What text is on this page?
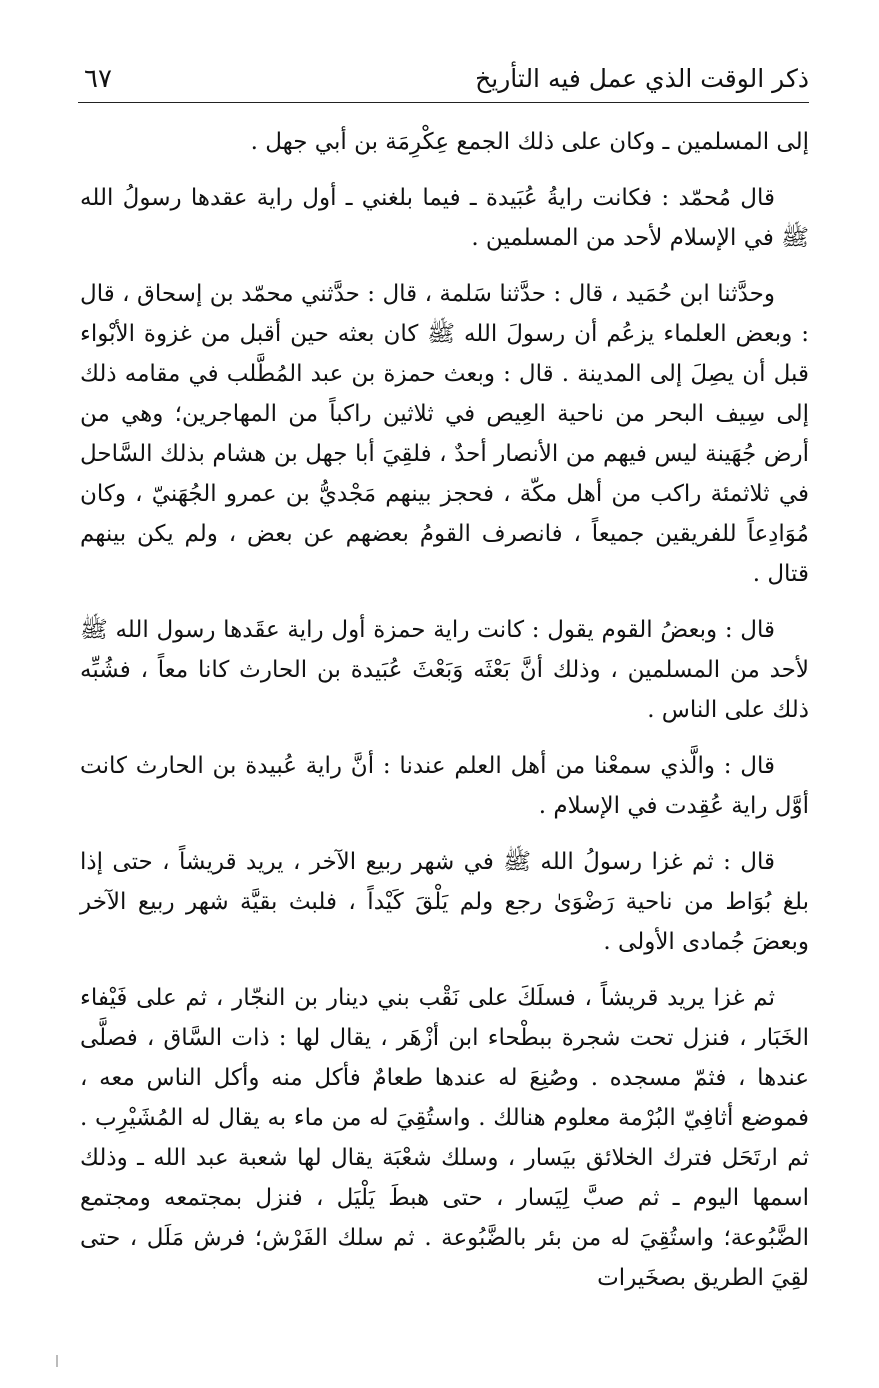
ذكر الوقت الذي عمل فيه التأريخ
٦٧

إلى المسلمين ـ وكان على ذلك الجمع عِكْرِمَة بن أبي جهل .

قال مُحمّد : فكانت رايةُ عُبَيدة ـ فيما بلغني ـ أول راية عقدها رسولُ الله ﷺ في الإسلام لأحد من المسلمين .

وحدَّثنا ابن حُمَيد ، قال : حدَّثنا سَلمة ، قال : حدَّثني محمّد بن إسحاق ، قال : وبعض العلماء يزعُم أن رسولَ الله ﷺ كان بعثه حين أقبل من غزوة الأبْواء قبل أن يصِلَ إلى المدينة . قال : وبعث حمزة بن عبد المُطَّلب في مقامه ذلك إلى سِيف البحر من ناحية العِيص في ثلاثين راكباً من المهاجرين؛ وهي من أرض جُهَينة ليس فيهم من الأنصار أحدٌ ، فلقِيَ أبا جهل بن هشام بذلك السَّاحل في ثلاثمئة راكب من أهل مكّة ، فحجز بينهم مَجْديُّ بن عمرو الجُهَنيّ ، وكان مُوَادِعاً للفريقين جميعاً ، فانصرف القومُ بعضهم عن بعض ، ولم يكن بينهم قتال .

قال : وبعضُ القوم يقول : كانت راية حمزة أول راية عقَدها رسول الله ﷺ لأحد من المسلمين ، وذلك أنَّ بَعْثَه وَبَعْثَ عُبَيدة بن الحارث كانا معاً ، فشُبِّه ذلك على الناس .

قال : والَّذي سمعْنا من أهل العلم عندنا : أنَّ راية عُبيدة بن الحارث كانت أوَّل راية عُقِدت في الإسلام .

قال : ثم غزا رسولُ الله ﷺ في شهر ربيع الآخر ، يريد قريشاً ، حتى إذا بلغ بُوَاط من ناحية رَضْوَىٰ رجع ولم يَلْقَ كَيْداً ، فلبث بقيَّة شهر ربيع الآخر وبعضَ جُمادى الأولى .

ثم غزا يريد قريشاً ، فسلَكَ على نَقْب بني دينار بن النجّار ، ثم على فَيْفاء الخَبَار ، فنزل تحت شجرة ببطْحاء ابن أزْهَر ، يقال لها : ذات السَّاق ، فصلَّى عندها ، فثمّ مسجده . وصُنِعَ له عندها طعامٌ فأكل منه وأكل الناس معه ، فموضع أثافِيّ البُرْمة معلوم هنالك . واستُقِيَ له من ماء به يقال له المُشَيْرِب . ثم ارتَحَل فترك الخلائق بيَسار ، وسلك شعْبَة يقال لها شعبة عبد الله ـ وذلك اسمها اليوم ـ ثم صبَّ لِيَسار ، حتى هبطَ يَلْيَل ، فنزل بمجتمعه ومجتمع الضَّبُوعة؛ واستُقِيَ له من بئر بالضَّبُوعة . ثم سلك الفَرْش؛ فرش مَلَل ، حتى لقِيَ الطريق بصخَيرات
